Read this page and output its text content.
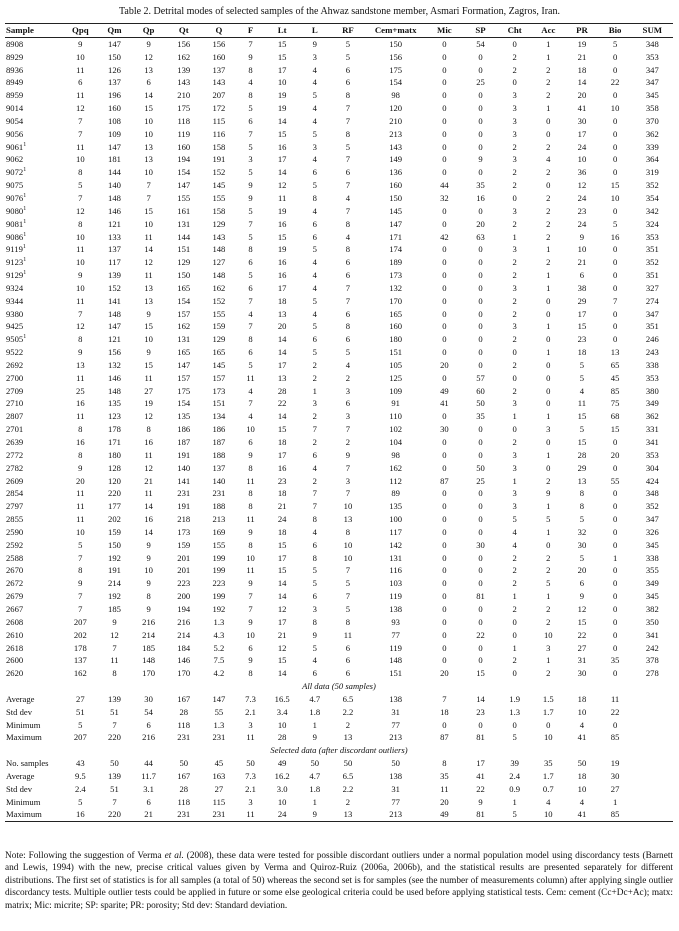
Table 2. Detrital modes of selected samples of the Ahwaz sandstone member, Asmari Formation, Zagros, Iran.
Sample	Qpq	Qm	Qp	Qt	Q	F	Lt	L	RF	Cem+matx	Mic	SP	Cht	Acc	PR	Bio	SUM
8908	9	147	9	156	156	7	15	9	5	150	0	54	0	1	19	5	348
8929	10	150	12	162	160	9	15	3	5	156	0	0	2	1	21	0	353
8936	11	126	13	139	137	8	17	4	6	175	0	0	2	2	18	0	347
8949	6	137	6	143	143	4	10	4	6	154	0	25	0	2	14	22	347
8959	11	196	14	210	207	8	19	5	8	98	0	0	3	2	20	0	345
9014	12	160	15	175	172	5	19	4	7	120	0	0	3	1	41	10	358
9054	7	108	10	118	115	6	14	4	7	210	0	0	3	0	30	0	370
9056	7	109	10	119	116	7	15	5	8	213	0	0	3	0	17	0	362
9061$^1$	11	147	13	160	158	5	16	3	5	143	0	0	2	2	24	0	339
9062	10	181	13	194	191	3	17	4	7	149	0	9	3	4	10	0	364
9072$^1$	8	144	10	154	152	5	14	6	6	136	0	0	2	2	36	0	319
9075	5	140	7	147	145	9	12	5	7	160	44	35	2	0	12	15	352
9076$^1$	7	148	7	155	155	9	11	8	4	150	32	16	0	2	24	10	354
9080$^1$	12	146	15	161	158	5	19	4	7	145	0	0	3	2	23	0	342
9081$^1$	8	121	10	131	129	7	16	6	8	147	0	20	2	2	24	5	324
9086$^1$	10	133	11	144	143	5	15	6	4	171	42	63	1	2	9	16	353
9119$^1$	11	137	14	151	148	8	19	5	8	174	0	0	3	1	10	0	351
9123$^1$	10	117	12	129	127	6	16	4	6	189	0	0	2	2	21	0	352
9129$^1$	9	139	11	150	148	5	16	4	6	173	0	0	2	1	6	0	351
9324	10	152	13	165	162	6	17	4	7	132	0	0	3	1	38	0	327
9344	11	141	13	154	152	7	18	5	7	170	0	0	2	0	29	7	274
9380	7	148	9	157	155	4	13	4	6	165	0	0	2	0	17	0	347
9425	12	147	15	162	159	7	20	5	8	160	0	0	3	1	15	0	351
9505$^1$	8	121	10	131	129	8	14	6	6	180	0	0	2	0	23	0	246
9522	9	156	9	165	165	6	14	5	5	151	0	0	0	1	18	13	243
2692	13	132	15	147	145	5	17	2	4	105	20	0	2	0	5	65	338
2700	11	146	11	157	157	11	13	2	2	125	0	57	0	0	5	45	353
2709	25	148	27	175	173	4	28	1	3	109	49	60	2	0	4	85	380
2710	16	135	19	154	151	7	22	3	6	91	41	50	3	0	11	75	349
2807	11	123	12	135	134	4	14	2	3	110	0	35	1	1	15	68	362
2701	8	178	8	186	186	10	15	7	7	102	30	0	0	3	5	15	331
2639	16	171	16	187	187	6	18	2	2	104	0	0	2	0	15	0	341
2772	8	180	11	191	188	9	17	6	9	98	0	0	3	1	28	20	353
2782	9	128	12	140	137	8	16	4	7	162	0	50	3	0	29	0	304
2609	20	120	21	141	140	11	23	2	3	112	87	25	1	2	13	55	424
2854	11	220	11	231	231	8	18	7	7	89	0	0	3	9	8	0	348
2797	11	177	14	191	188	8	21	7	10	135	0	0	3	1	8	0	352
2855	11	202	16	218	213	11	24	8	13	100	0	0	5	5	5	0	347
2590	10	159	14	173	169	9	18	4	8	117	0	0	4	1	32	0	326
2592	5	150	9	159	155	8	15	6	10	142	0	30	4	0	30	0	345
2588	7	192	9	201	199	10	17	8	10	131	0	0	2	2	5	1	338
2670	8	191	10	201	199	11	15	5	7	116	0	0	2	2	20	0	355
2672	9	214	9	223	223	9	14	5	5	103	0	0	2	5	6	0	349
2679	7	192	8	200	199	7	14	6	7	119	0	81	1	1	9	0	345
2667	7	185	9	194	192	7	12	3	5	138	0	0	2	2	12	0	382
2608	207	9	216	216	1.3	9	17	8	8	93	0	0	0	2	15	0	350
2610	202	12	214	214	4.3	10	21	9	11	77	0	22	0	10	22	0	341
2618	178	7	185	184	5.2	6	12	5	6	119	0	0	1	3	27	0	242
2600	137	11	148	146	7.5	9	15	4	6	148	0	0	2	1	31	35	378
2620	162	8	170	170	4.2	8	14	6	6	151	20	15	0	2	30	0	278
All data (50 samples)																	
Average	27	139	30	167	147	7.3	16.5	4.7	6.5	138	7	14	1.9	1.5	18	11	
Std dev	51	51	54	28	55	2.1	3.4	1.8	2.2	31	18	23	1.3	1.7	10	22	
Minimum	5	7	6	118	1.3	3	10	1	2	77	0	0	0	0	4	0	
Maximum	207	220	216	231	231	11	28	9	13	213	87	81	5	10	41	85	
Selected data (after discordant outliers)																	
No. samples	43	50	44	50	45	50	49	50	50	50	8	17	39	35	50	19	
Average	9.5	139	11.7	167	163	7.3	16.2	4.7	6.5	138	35	41	2.4	1.7	18	30	
Std dev	2.4	51	3.1	28	27	2.1	3.0	1.8	2.2	31	11	22	0.9	0.7	10	27	
Minimum	5	7	6	118	115	3	10	1	2	77	20	9	1	4	4	1	
Maximum	16	220	21	231	231	11	24	9	13	213	49	81	5	10	41	85	
Note: Following the suggestion of Verma et al. (2008), these data were tested for possible discordant outliers under a normal population model using discordancy tests (Barnett and Lewis, 1994) with the new, precise critical values given by Verma and Quiroz-Ruiz (2006a, 2006b), and the statistical results are presented separately for different distributions. The first set of statistics is for all samples (a total of 50) whereas the second set is for samples (see the number of measurements column) after applying single outlier discordancy tests. Multiple outlier tests could be applied in future or some else geological criteria could be used before applying statistical tests. Cem: cement (Cc+Dc+Ac); matx: matrix; Mic: micrite; SP: sparite; PR: porosity; Std dev: Standard deviation.
